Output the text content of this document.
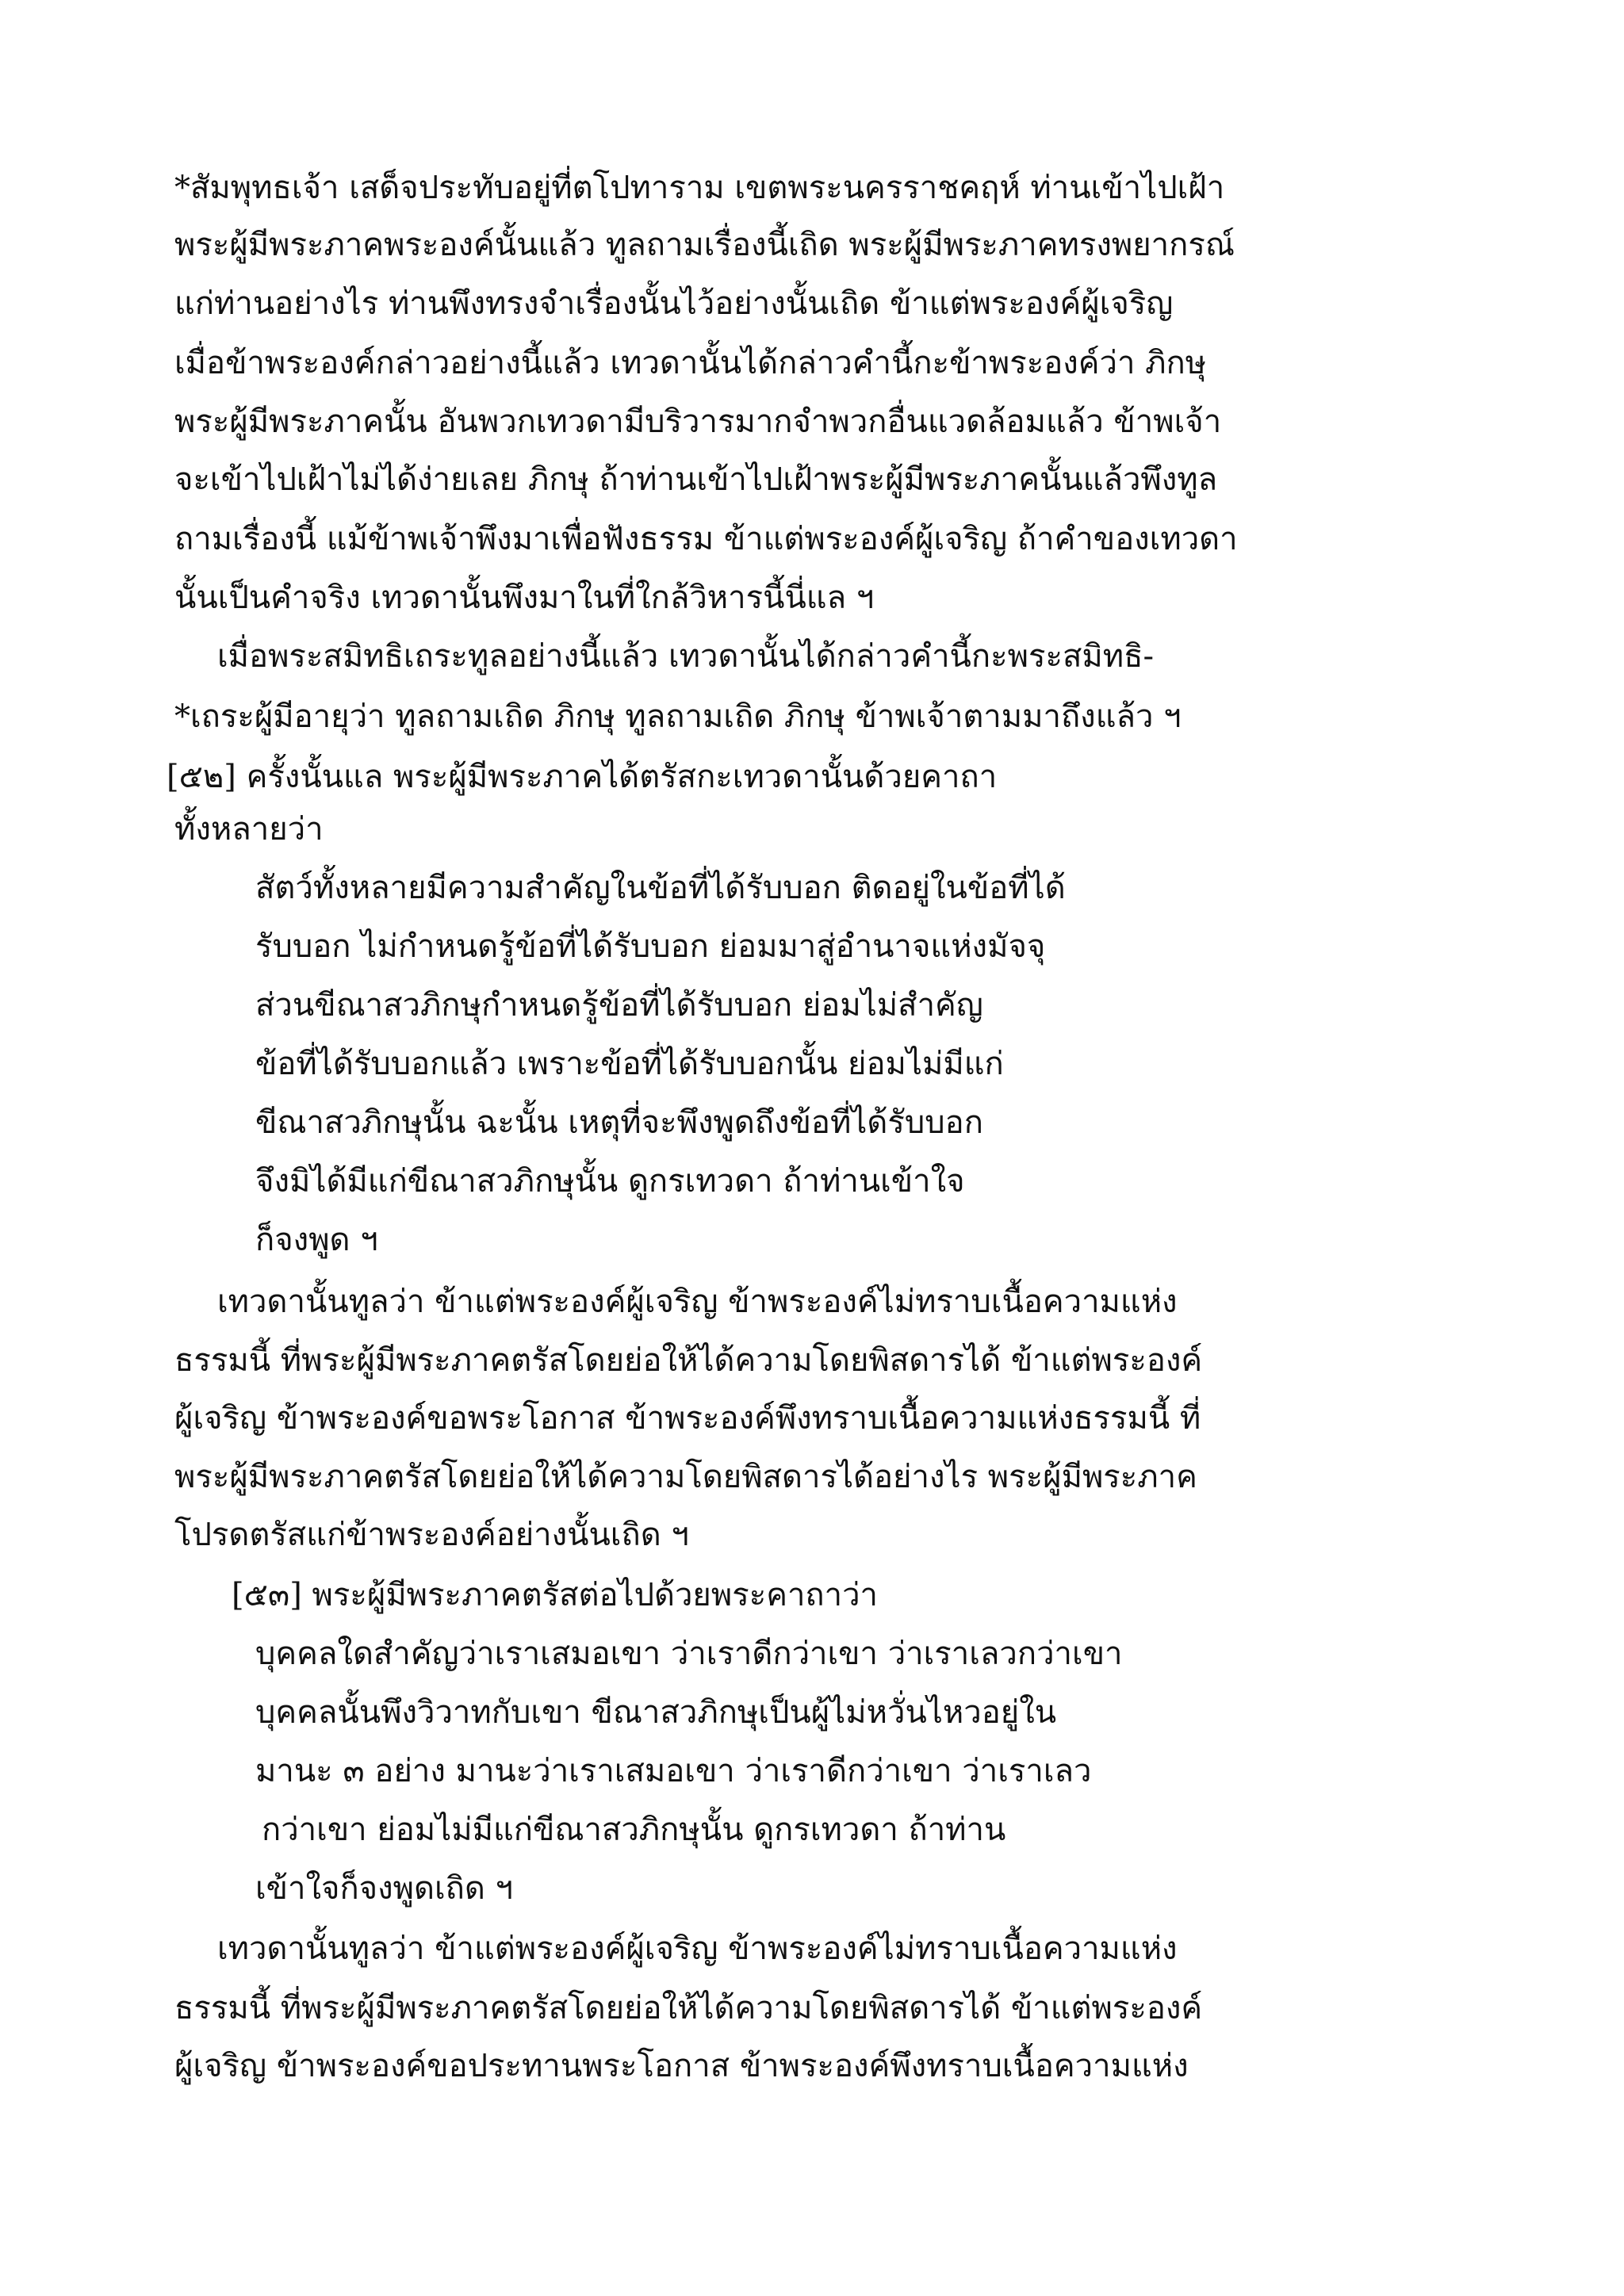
*สัมพุทธเจ้า เสด็จประทับอยู่ที่ตโปทาราม เขตพระนครราชคฤห์ ท่านเข้าไปเฝ้า
พระผู้มีพระภาคพระองค์นั้นแล้ว ทูลถามเรื่องนี้เถิด พระผู้มีพระภาคทรงพยากรณ์
แก่ท่านอย่างไร ท่านพึงทรงจำเรื่องนั้นไว้อย่างนั้นเถิด ข้าแต่พระองค์ผู้เจริญ
เมื่อข้าพระองค์กล่าวอย่างนี้แล้ว เทวดานั้นได้กล่าวคำนี้กะข้าพระองค์ว่า ภิกษุ
พระผู้มีพระภาคนั้น อันพวกเทวดามีบริวารมากจำพวกอื่นแวดล้อมแล้ว ข้าพเจ้า
จะเข้าไปเฝ้าไม่ได้ง่ายเลย ภิกษุ ถ้าท่านเข้าไปเฝ้าพระผู้มีพระภาคนั้นแล้วพึงทูล
ถามเรื่องนี้ แม้ข้าพเจ้าพึงมาเพื่อฟังธรรม ข้าแต่พระองค์ผู้เจริญ ถ้าคำของเทวดา
นั้นเป็นคำจริง เทวดานั้นพึงมาในที่ใกล้วิหารนี้นี่แล ฯ
เมื่อพระสมิทธิเถระทูลอย่างนี้แล้ว เทวดานั้นได้กล่าวคำนี้กะพระสมิทธิ-
*เถระผู้มีอายุว่า ทูลถามเถิด ภิกษุ ทูลถามเถิด ภิกษุ ข้าพเจ้าตามมาถึงแล้ว ฯ
[๕๒] ครั้งนั้นแล พระผู้มีพระภาคได้ตรัสกะเทวดานั้นด้วยคาถา
ทั้งหลายว่า
สัตว์ทั้งหลายมีความสำคัญในข้อที่ได้รับบอก ติดอยู่ในข้อที่ได้
รับบอก ไม่กำหนดรู้ข้อที่ได้รับบอก ย่อมมาสู่อำนาจแห่งมัจจุ
ส่วนขีณาสวภิกษุกำหนดรู้ข้อที่ได้รับบอก ย่อมไม่สำคัญ
ข้อที่ได้รับบอกแล้ว เพราะข้อที่ได้รับบอกนั้น ย่อมไม่มีแก่
ขีณาสวภิกษุนั้น ฉะนั้น เหตุที่จะพึงพูดถึงข้อที่ได้รับบอก
จึงมิได้มีแก่ขีณาสวภิกษุนั้น ดูกรเทวดา ถ้าท่านเข้าใจ
ก็จงพูด ฯ
เทวดานั้นทูลว่า ข้าแต่พระองค์ผู้เจริญ ข้าพระองค์ไม่ทราบเนื้อความแห่ง
ธรรมนี้ ที่พระผู้มีพระภาคตรัสโดยย่อให้ได้ความโดยพิสดารได้ ข้าแต่พระองค์
ผู้เจริญ ข้าพระองค์ขอพระโอกาส ข้าพระองค์พึงทราบเนื้อความแห่งธรรมนี้ ที่
พระผู้มีพระภาคตรัสโดยย่อให้ได้ความโดยพิสดารได้อย่างไร พระผู้มีพระภาค
โปรดตรัสแก่ข้าพระองค์อย่างนั้นเถิด ฯ
[๕๓] พระผู้มีพระภาคตรัสต่อไปด้วยพระคาถาว่า
บุคคลใดสำคัญว่าเราเสมอเขา ว่าเราดีกว่าเขา ว่าเราเลวกว่าเขา
บุคคลนั้นพึงวิวาทกับเขา ขีณาสวภิกษุเป็นผู้ไม่หวั่นไหวอยู่ใน
มานะ ๓ อย่าง มานะว่าเราเสมอเขา ว่าเราดีกว่าเขา ว่าเราเลว
กว่าเขา ย่อมไม่มีแก่ขีณาสวภิกษุนั้น ดูกรเทวดา ถ้าท่าน
เข้าใจก็จงพูดเถิด ฯ
เทวดานั้นทูลว่า ข้าแต่พระองค์ผู้เจริญ ข้าพระองค์ไม่ทราบเนื้อความแห่ง
ธรรมนี้ ที่พระผู้มีพระภาคตรัสโดยย่อให้ได้ความโดยพิสดารได้ ข้าแต่พระองค์
ผู้เจริญ ข้าพระองค์ขอประทานพระโอกาส ข้าพระองค์พึงทราบเนื้อความแห่ง
